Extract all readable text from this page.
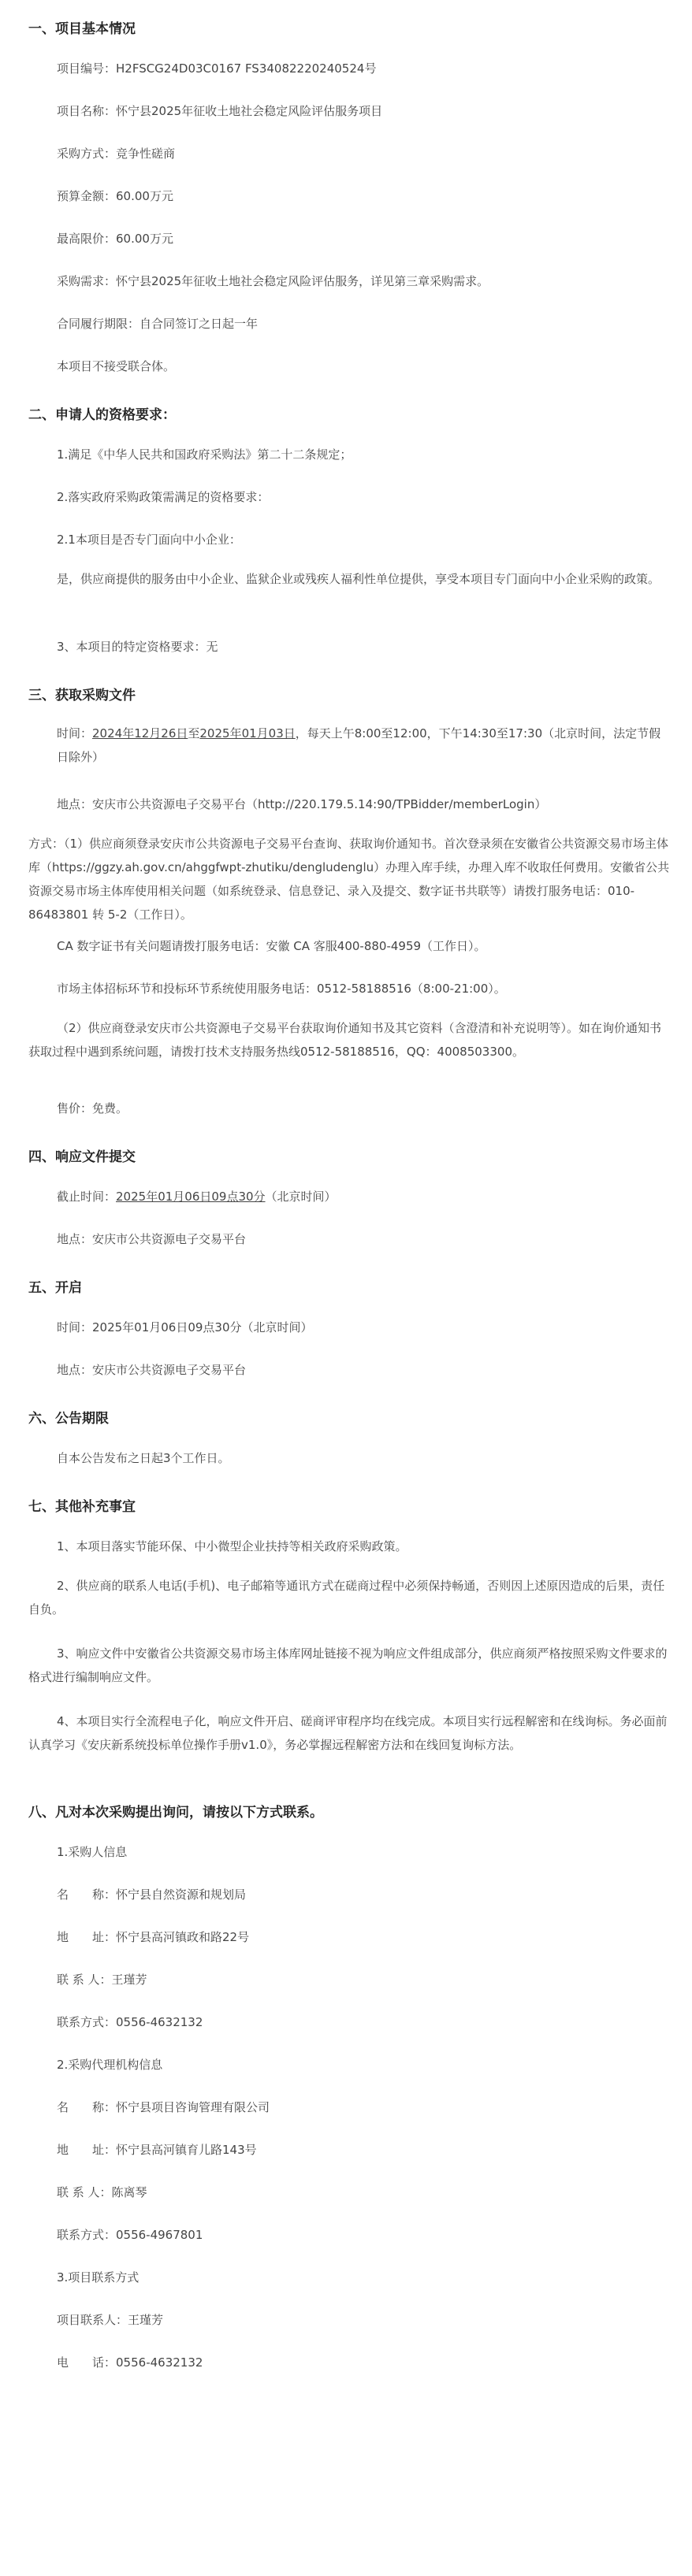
一、项目基本情况
项目编号：H2FSCG24D03C0167 FS340822202405​24号
项目名称：怀宁县2025年征收土地社会稳定风险评估服务项目
采购方式：竞争性磋商
预算金额：60.00万元
最高限价：60.00万元
采购需求：怀宁县2025年征收土地社会稳定风险评估服务，详见第三章采购需求。
合同履行期限：自合同签订之日起一年
本项目不接受联合体。
二、申请人的资格要求：
1.满足《中华人民共和国政府采购法》第二十二条规定；
2.落实政府采购政策需满足的资格要求：
2.1本项目是否专门面向中小企业：
是，供应商提供的服务由中小企业、监狱企业或残疾人福利性单位提供，享受本项目专门面向中小企业采购的政策。
3、本项目的特定资格要求：无
三、获取采购文件
时间：2024年12月26日至2025年01月03日，每天上午8:00至12:00，下午14:30至17:30（北京时间，法定节假日除外）
地点：安庆市公共资源电子交易平台（http://220.179.5.14:90/TPBidder/memberLogin）
方式：（1）供应商须登录安庆市公共资源电子交易平台查询、获取询价通知书。首次登录须在安徽省公共资源交易市场主体库（https://ggzy.ah.gov.cn/ahggfwpt-zhutiku/dengludenglu）办理入库手续，办理入库不收取任何费用。安徽省公共资源交易市场主体库使用相关问题（如系统登录、信息登记、录入及提交、数字证书共联等）请拨打服务电话：010-86483801 转 5-2（工作日）。
CA 数字证书有关问题请拨打服务电话：安徽 CA 客服400-880-4959（工作日）。
市场主体招标环节和投标环节系统使用服务电话：0512-58188516（8:00-21:00）。
（2）供应商登录安庆市公共资源电子交易平台获取询价通知书及其它资料（含澄清和补充说明等）。如在询价通知书获取过程中遇到系统问题，请拨打技术支持服务热线0512-58188516，QQ：4008503300。
售价：免费。
四、响应文件提交
截止时间：2025年01月06日09点30分（北京时间）
地点：安庆市公共资源电子交易平台
五、开启
时间：2025年01月06日09点30分（北京时间）
地点：安庆市公共资源电子交易平台
六、公告期限
自本公告发布之日起3个工作日。
七、其他补充事宜
1、本项目落实节能环保、中小微型企业扶持等相关政府采购政策。
2、供应商的联系人电话(手机)、电子邮箱等通讯方式在磋商过程中必须保持畅通，否则因上述原因造成的后果，责任自负。
3、响应文件中安徽省公共资源交易市场主体库网址链接不视为响应文件组成部分，供应商须严格按照采购文件要求的格式进行编制响应文件。
4、本项目实行全流程电子化，响应文件开启、磋商评审程序均在线完成。本项目实行远程解密和在线询标。务必面前认真学习《安庆新系统投标单位操作手册v1.0》，务必掌握远程解密方法和在线回复询标方法。
八、凡对本次采购提出询问，请按以下方式联系。
1.采购人信息
名　　称：怀宁县自然资源和规划局
地　　址：怀宁县高河镇政和路22号
联 系 人：王瑾芳
联系方式：0556-4632132
2.采购代理机构信息
名　　称：怀宁县项目咨询管理有限公司
地　　址：怀宁县高河镇育儿路143号
联 系 人：陈离琴
联系方式：0556-4967801
3.项目联系方式
项目联系人：王瑾芳
电　　话：0556-4632132
